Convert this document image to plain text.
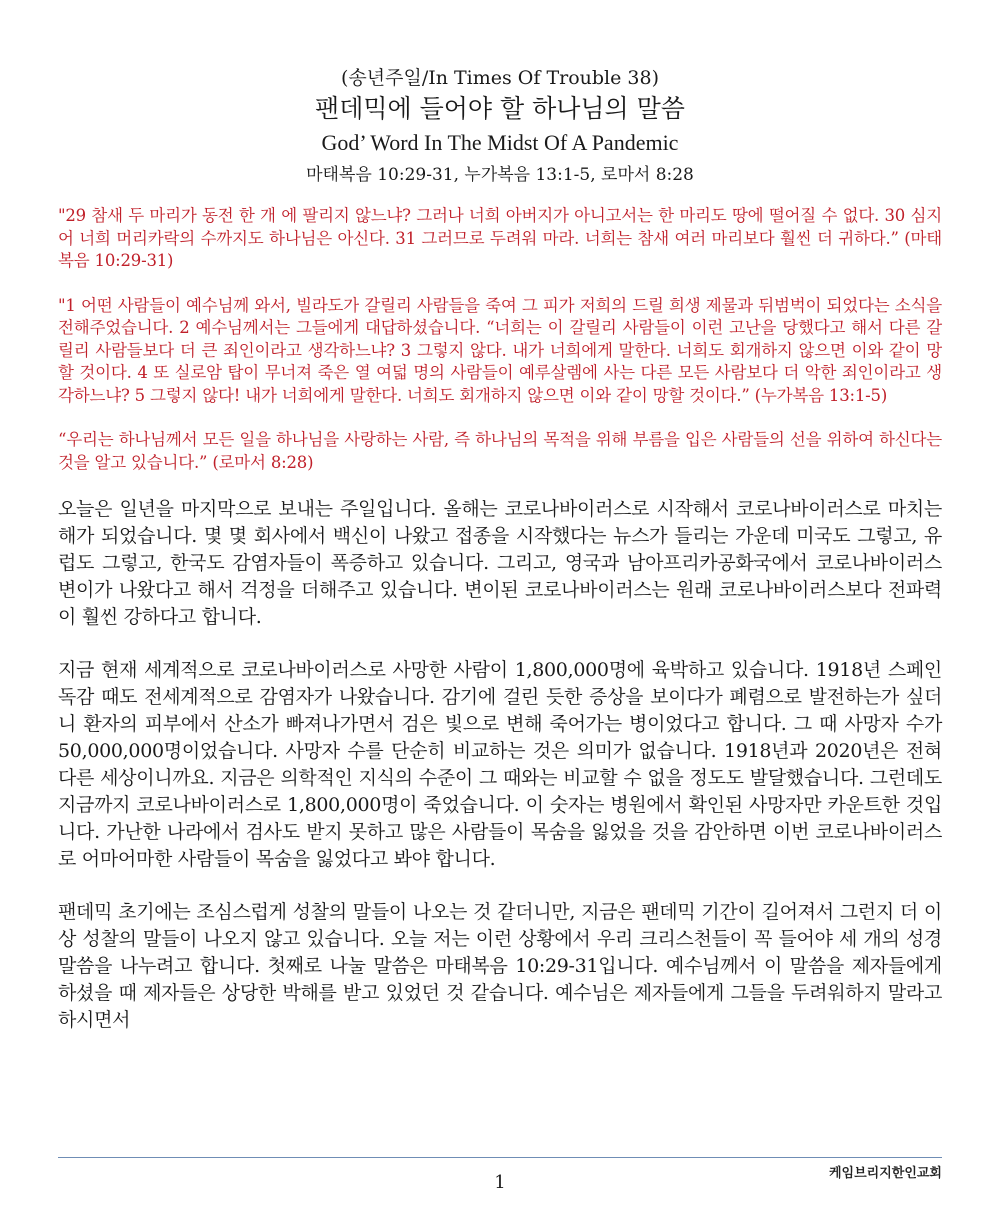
(송년주일/In Times Of Trouble 38)
팬데믹에 들어야 할 하나님의 말씀
God’ Word In The Midst Of A Pandemic
마태복음 10:29-31, 누가복음 13:1-5, 로마서 8:28

"29 참새 두 마리가 동전 한 개 에 팔리지 않느냐? 그러나 너희 아버지가 아니고서는 한 마리도 땅에 떨어질 수 없다. 30 심지어 너희 머리카락의 수까지도 하나님은 아신다. 31 그러므로 두려워 마라. 너희는 참새 여러 마리보다 훨씬 더 귀하다.” (마태복음 10:29-31)

"1 어떤 사람들이 예수님께 와서, 빌라도가 갈릴리 사람들을 죽여 그 피가 저희의 드릴 희생 제물과 뒤범벅이 되었다는 소식을 전해주었습니다. 2 예수님께서는 그들에게 대답하셨습니다. “너희는 이 갈릴리 사람들이 이런 고난을 당했다고 해서 다른 갈릴리 사람들보다 더 큰 죄인이라고 생각하느냐? 3 그렇지 않다. 내가 너희에게 말한다. 너희도 회개하지 않으면 이와 같이 망할 것이다. 4 또 실로암 탑이 무너져 죽은 열 여덟 명의 사람들이 예루살렘에 사는 다른 모든 사람보다 더 악한 죄인이라고 생각하느냐? 5 그렇지 않다! 내가 너희에게 말한다. 너희도 회개하지 않으면 이와 같이 망할 것이다.” (누가복음 13:1-5)

“우리는 하나님께서 모든 일을 하나님을 사랑하는 사람, 즉 하나님의 목적을 위해 부름을 입은 사람들의 선을 위하여 하신다는 것을 알고 있습니다.” (로마서 8:28)

오늘은 일년을 마지막으로 보내는 주일입니다. 올해는 코로나바이러스로 시작해서 코로나바이러스로 마치는 해가 되었습니다. 몇 몇 회사에서 백신이 나왔고 접종을 시작했다는 뉴스가 들리는 가운데 미국도 그렇고, 유럽도 그렇고, 한국도 감염자들이 폭증하고 있습니다. 그리고, 영국과 남아프리카공화국에서 코로나바이러스 변이가 나왔다고 해서 걱정을 더해주고 있습니다. 변이된 코로나바이러스는 원래 코로나바이러스보다 전파력이 훨씬 강하다고 합니다.

지금 현재 세계적으로 코로나바이러스로 사망한 사람이 1,800,000명에 육박하고 있습니다. 1918년 스페인 독감 때도 전세계적으로 감염자가 나왔습니다. 감기에 걸린 듯한 증상을 보이다가 폐렴으로 발전하는가 싶더니 환자의 피부에서 산소가 빠져나가면서 검은 빛으로 변해 죽어가는 병이었다고 합니다. 그 때 사망자 수가 50,000,000명이었습니다. 사망자 수를 단순히 비교하는 것은 의미가 없습니다. 1918년과 2020년은 전혀 다른 세상이니까요. 지금은 의학적인 지식의 수준이 그 때와는 비교할 수 없을 정도도 발달했습니다. 그런데도 지금까지 코로나바이러스로 1,800,000명이 죽었습니다. 이 숫자는 병원에서 확인된 사망자만 카운트한 것입니다. 가난한 나라에서 검사도 받지 못하고 많은 사람들이 목숨을 잃었을 것을 감안하면 이번 코로나바이러스로 어마어마한 사람들이 목숨을 잃었다고 봐야 합니다.

팬데믹 초기에는 조심스럽게 성찰의 말들이 나오는 것 같더니만, 지금은 팬데믹 기간이 길어져서 그런지 더 이상 성찰의 말들이 나오지 않고 있습니다. 오늘 저는 이런 상황에서 우리 크리스천들이 꼭 들어야 세 개의 성경 말씀을 나누려고 합니다. 첫째로 나눌 말씀은 마태복음 10:29-31입니다. 예수님께서 이 말씀을 제자들에게 하셨을 때 제자들은 상당한 박해를 받고 있었던 것 같습니다. 예수님은 제자들에게 그들을 두려워하지 말라고 하시면서

1	케임브리지한인교회
